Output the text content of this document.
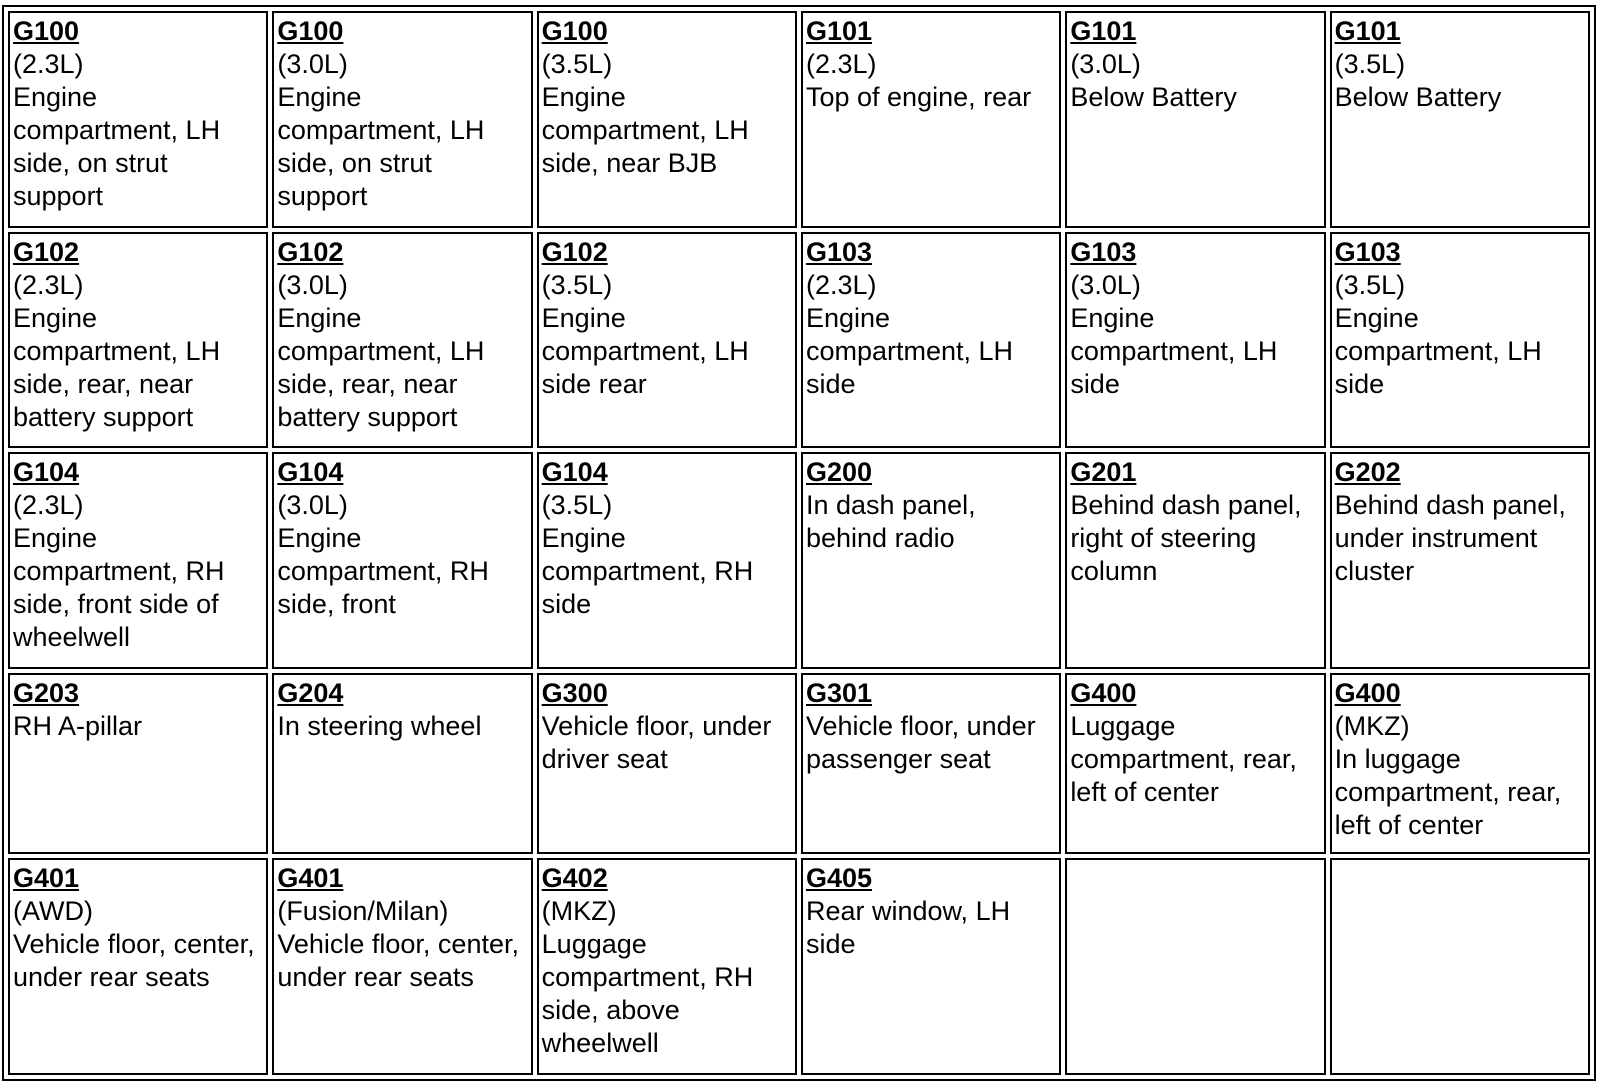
G100
(2.3L)
Engine compartment, LH side, on strut support	G100
(3.0L)
Engine compartment, LH side, on strut support	G100
(3.5L)
Engine compartment, LH side, near BJB	G101
(2.3L)
Top of engine, rear	G101
(3.0L)
Below Battery	G101
(3.5L)
Below Battery

G102
(2.3L)
Engine compartment, LH side, rear, near battery support	G102
(3.0L)
Engine compartment, LH side, rear, near battery support	G102
(3.5L)
Engine compartment, LH side rear	G103
(2.3L)
Engine compartment, LH side	G103
(3.0L)
Engine compartment, LH side	G103
(3.5L)
Engine compartment, LH side

G104
(2.3L)
Engine compartment, RH side, front side of wheelwell	G104
(3.0L)
Engine compartment, RH side, front	G104
(3.5L)
Engine compartment, RH side	G200
In dash panel, behind radio	G201
Behind dash panel, right of steering column	G202
Behind dash panel, under instrument cluster

G203
RH A-pillar	G204
In steering wheel	G300
Vehicle floor, under driver seat	G301
Vehicle floor, under passenger seat	G400
Luggage compartment, rear, left of center	G400
(MKZ)
In luggage compartment, rear, left of center

G401
(AWD)
Vehicle floor, center, under rear seats	G401
(Fusion/Milan)
Vehicle floor, center, under rear seats	G402
(MKZ)
Luggage compartment, RH side, above wheelwell	G405
Rear window, LH side		
